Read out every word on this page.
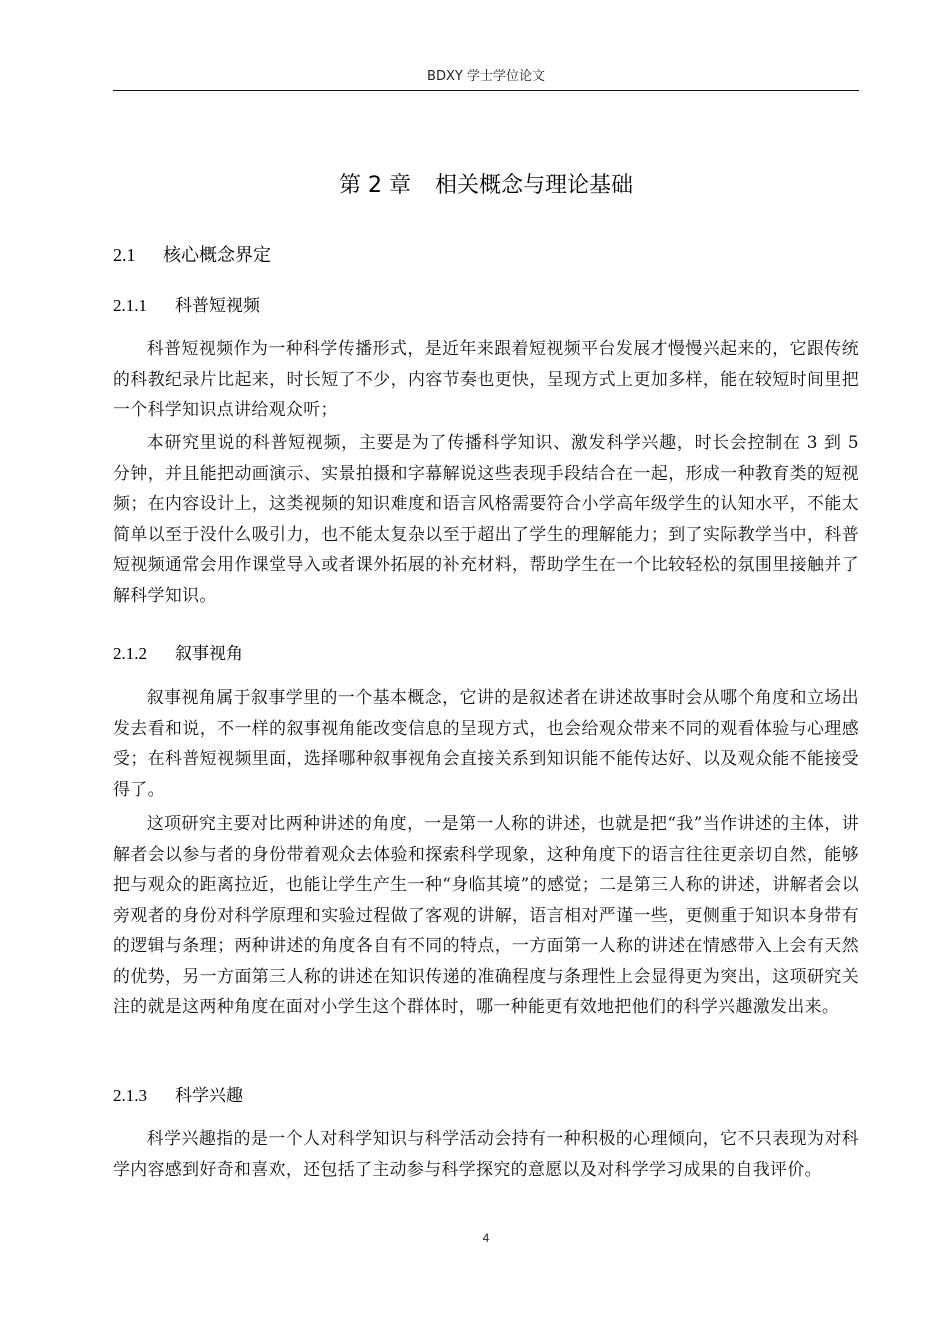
BDXY 学士学位论文
第 2 章 相关概念与理论基础
2.1 核心概念界定
2.1.1 科普短视频

科普短视频作为一种科学传播形式，是近年来跟着短视频平台发展才慢慢兴起来的，它跟传统的科教纪录片比起来，时长短了不少，内容节奏也更快，呈现方式上更加多样，能在较短时间里把一个科学知识点讲给观众听；

本研究里说的科普短视频，主要是为了传播科学知识、激发科学兴趣，时长会控制在 3 到 5 分钟，并且能把动画演示、实景拍摄和字幕解说这些表现手段结合在一起，形成一种教育类的短视频；在内容设计上，这类视频的知识难度和语言风格需要符合小学高年级学生的认知水平，不能太简单以至于没什么吸引力，也不能太复杂以至于超出了学生的理解能力；到了实际教学当中，科普短视频通常会用作课堂导入或者课外拓展的补充材料，帮助学生在一个比较轻松的氛围里接触并了解科学知识。

2.1.2 叙事视角

叙事视角属于叙事学里的一个基本概念，它讲的是叙述者在讲述故事时会从哪个角度和立场出发去看和说，不一样的叙事视角能改变信息的呈现方式，也会给观众带来不同的观看体验与心理感受；在科普短视频里面，选择哪种叙事视角会直接关系到知识能不能传达好、以及观众能不能接受得了。

这项研究主要对比两种讲述的角度，一是第一人称的讲述，也就是把“我”当作讲述的主体，讲解者会以参与者的身份带着观众去体验和探索科学现象，这种角度下的语言往往更亲切自然，能够把与观众的距离拉近，也能让学生产生一种“身临其境”的感觉；二是第三人称的讲述，讲解者会以旁观者的身份对科学原理和实验过程做了客观的讲解，语言相对严谨一些，更侧重于知识本身带有的逻辑与条理；两种讲述的角度各自有不同的特点，一方面第一人称的讲述在情感带入上会有天然的优势，另一方面第三人称的讲述在知识传递的准确程度与条理性上会显得更为突出，这项研究关注的就是这两种角度在面对小学生这个群体时，哪一种能更有效地把他们的科学兴趣激发出来。

2.1.3 科学兴趣

科学兴趣指的是一个人对科学知识与科学活动会持有一种积极的心理倾向，它不只表现为对科学内容感到好奇和喜欢，还包括了主动参与科学探究的意愿以及对科学学习成果的自我评价。

4
